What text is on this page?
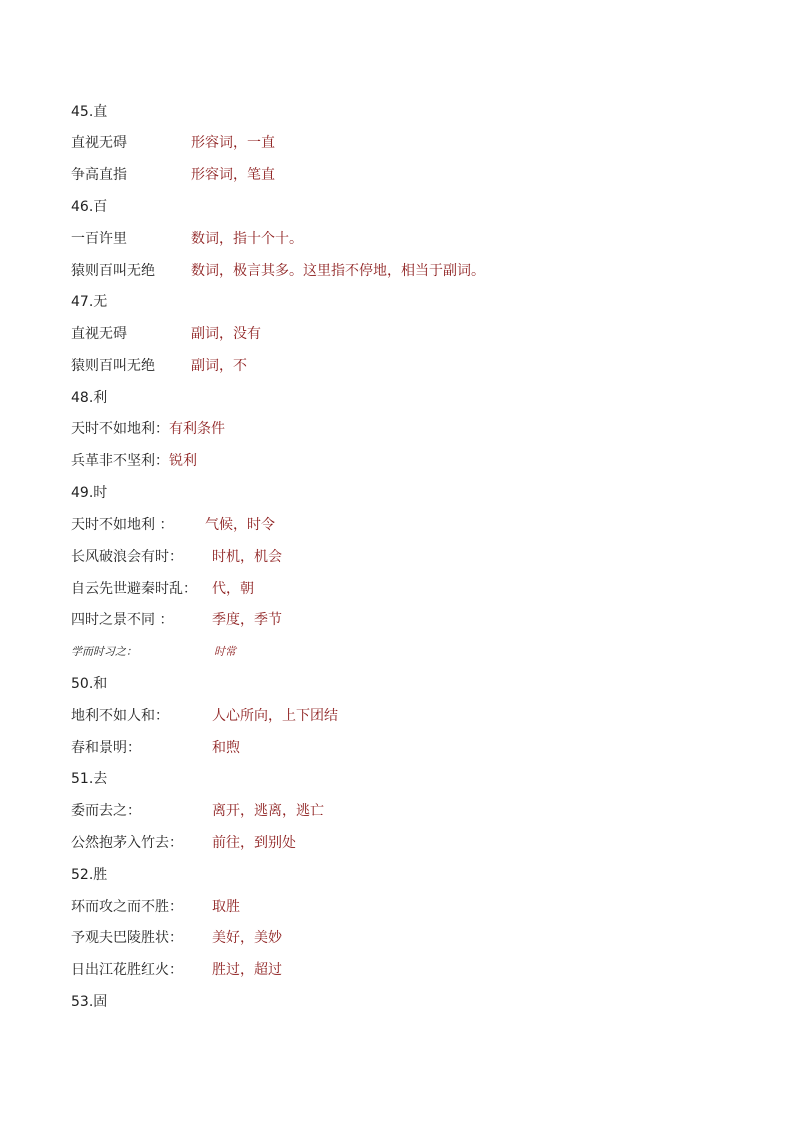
45.直
直视无碍	形容词，一直
争高直指	形容词，笔直
46.百
一百许里	数词，指十个十。
猿则百叫无绝	数词，极言其多。这里指不停地，相当于副词。
47.无
直视无碍	副词，没有
猿则百叫无绝	副词，不
48.利
天时不如地利：有利条件
兵革非不坚利：锐利
49.时
天时不如地利 ： 气候，时令
长风破浪会有时： 时机，机会
自云先世避秦时乱： 代，朝
四时之景不同 ：	季度，季节
学而时习之：	时常
50.和
地利不如人和：	人心所向，上下团结
春和景明：	和煦
51.去
委而去之：	离开，逃离，逃亡
公然抱茅入竹去： 前往，到别处
52.胜
环而攻之而不胜： 取胜
予观夫巴陵胜状： 美好，美妙
日出江花胜红火： 胜过，超过
53.固
